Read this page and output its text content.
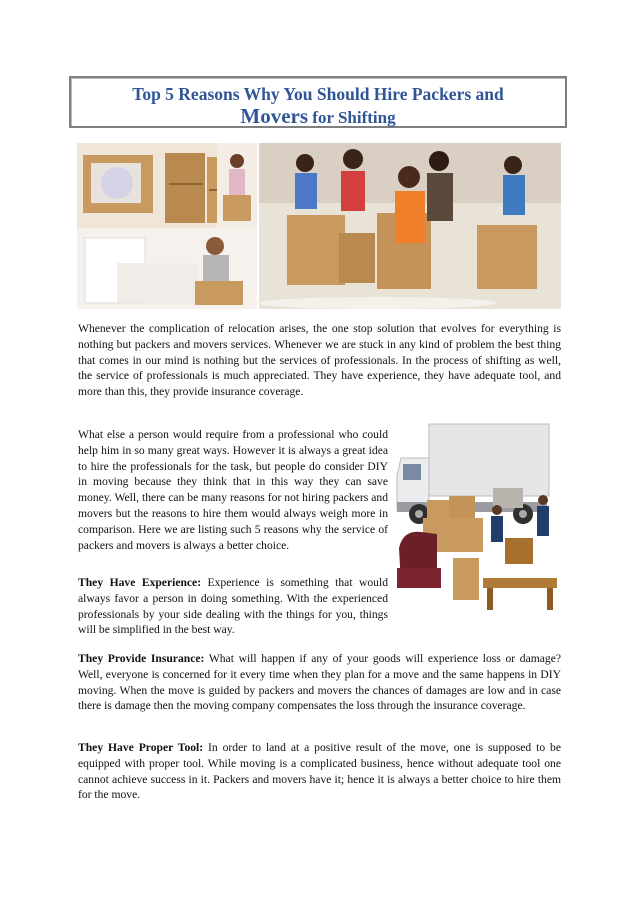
Top 5 Reasons Why You Should Hire Packers and
Movers for Shifting

Whenever the complication of relocation arises, the one stop solution that evolves for everything is nothing but packers and movers services. Whenever we are stuck in any kind of problem the best thing that comes in our mind is nothing but the services of professionals. In the process of shifting as well, the service of professionals is much appreciated. They have experience, they have adequate tool, and more than this, they provide insurance coverage.

What else a person would require from a professional who could help him in so many great ways. However it is always a great idea to hire the professionals for the task, but people do consider DIY in moving because they think that in this way they can save money. Well, there can be many reasons for not hiring packers and movers but the reasons to hire them would always weigh more in comparison. Here we are listing such 5 reasons why the service of packers and movers is always a better choice.

They Have Experience: Experience is something that would always favor a person in doing something. With the experienced professionals by your side dealing with the things for you, things will be simplified in the best way.

They Provide Insurance: What will happen if any of your goods will experience loss or damage? Well, everyone is concerned for it every time when they plan for a move and the same happens in DIY moving. When the move is guided by packers and movers the chances of damages are low and in case there is damage then the moving company compensates the loss through the insurance coverage.

They Have Proper Tool: In order to land at a positive result of the move, one is supposed to be equipped with proper tool. While moving is a complicated business, hence without adequate tool one cannot achieve success in it. Packers and movers have it; hence it is always a better choice to hire them for the move.
